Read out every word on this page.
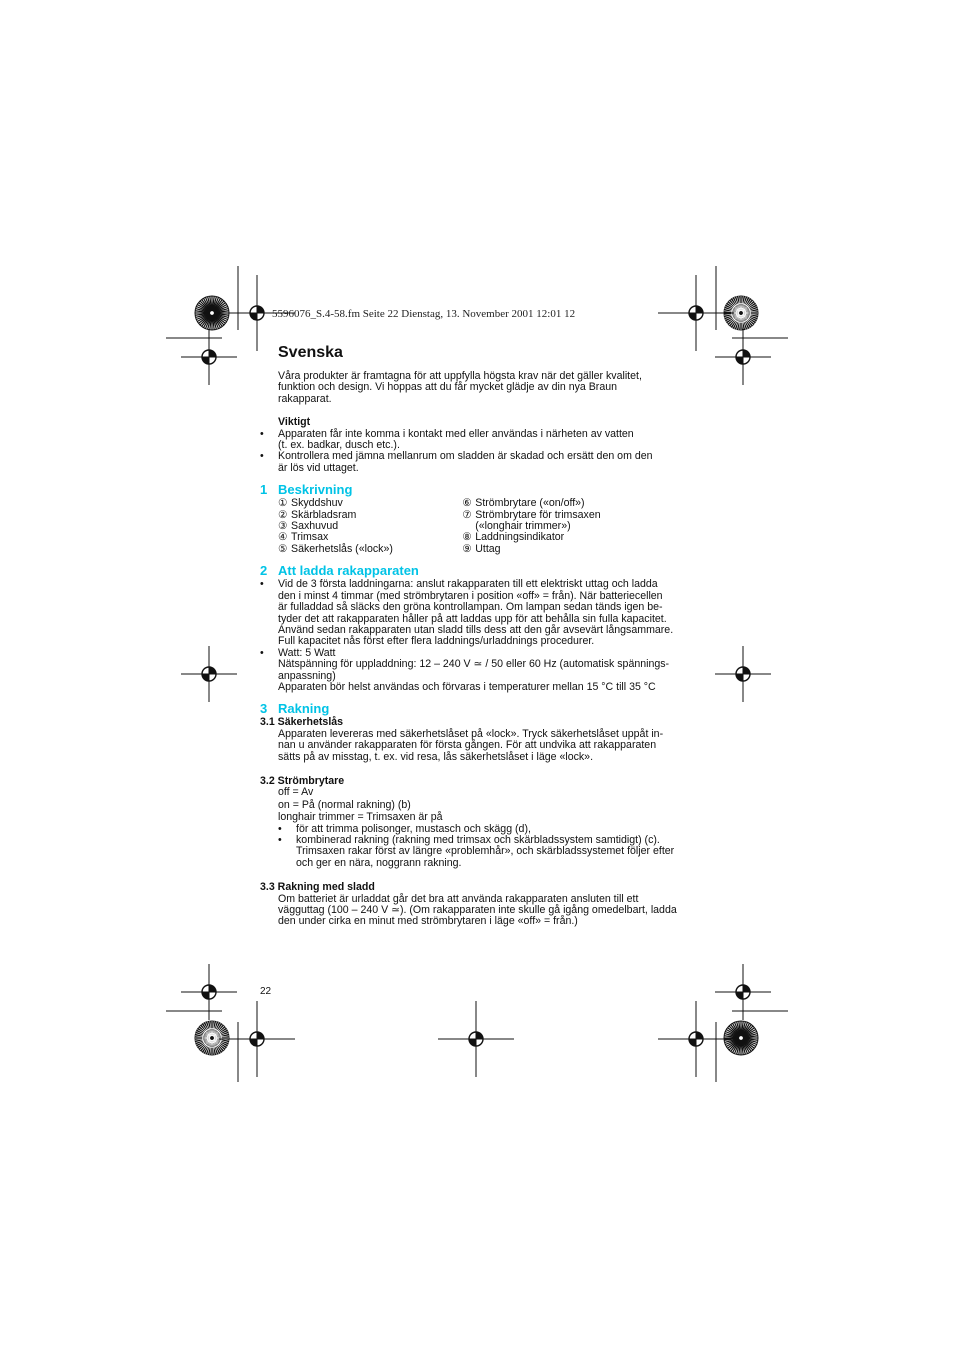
5596076_S.4-58.fm Seite 22 Dienstag, 13. November 2001 12:01 12
Svenska
Våra produkter är framtagna för att uppfylla högsta krav när det gäller kvalitet,
funktion och design. Vi hoppas att du får mycket glädje av din nya Braun
rakapparat.
Viktigt
• Apparaten får inte komma i kontakt med eller användas i närheten av vatten
(t. ex. badkar, dusch etc.).
• Kontrollera med jämna mellanrum om sladden är skadad och ersätt den om den
är lös vid uttaget.
1 Beskrivning
① Skyddshuv
② Skärbladsram
③ Saxhuvud
④ Trimsax
⑤ Säkerhetslås («lock»)
⑥ Strömbrytare («on/off»)
⑦ Strömbrytare för trimsaxen
(«longhair trimmer»)
⑧ Laddningsindikator
⑨ Uttag
2 Att ladda rakapparaten
• Vid de 3 första laddningarna: anslut rakapparaten till ett elektriskt uttag och ladda
den i minst 4 timmar (med strömbrytaren i position «off» = från). När batteriecellen
är fulladdad så släcks den gröna kontrollampan. Om lampan sedan tänds igen be-
tyder det att rakapparaten håller på att laddas upp för att behålla sin fulla kapacitet.
Använd sedan rakapparaten utan sladd tills dess att den går avsevärt långsammare.
Full kapacitet nås först efter flera laddnings/urladdnings procedurer.
• Watt: 5 Watt
Nätspänning för uppladdning: 12 – 240 V ≃ / 50 eller 60 Hz (automatisk spännings-
anpassning)
Apparaten bör helst användas och förvaras i temperaturer mellan 15 °C till 35 °C
3 Rakning
3.1 Säkerhetslås
Apparaten levereras med säkerhetslåset på «lock». Tryck säkerhetslåset uppåt in-
nan u använder rakapparaten för första gången. För att undvika att rakapparaten
sätts på av misstag, t. ex. vid resa, lås säkerhetslåset i läge «lock».
3.2 Strömbrytare
off = Av
on = På (normal rakning) (b)
longhair trimmer = Trimsaxen är på
• för att trimma polisonger, mustasch och skägg (d),
• kombinerad rakning (rakning med trimsax och skärbladssystem samtidigt) (c).
Trimsaxen rakar först av längre «problemhår», och skärbladssystemet följer efter
och ger en nära, noggrann rakning.
3.3 Rakning med sladd
Om batteriet är urladdat går det bra att använda rakapparaten ansluten till ett
vägguttag (100 – 240 V ≃). (Om rakapparaten inte skulle gå igång omedelbart, ladda
den under cirka en minut med strömbrytaren i läge «off» = från.)
22
